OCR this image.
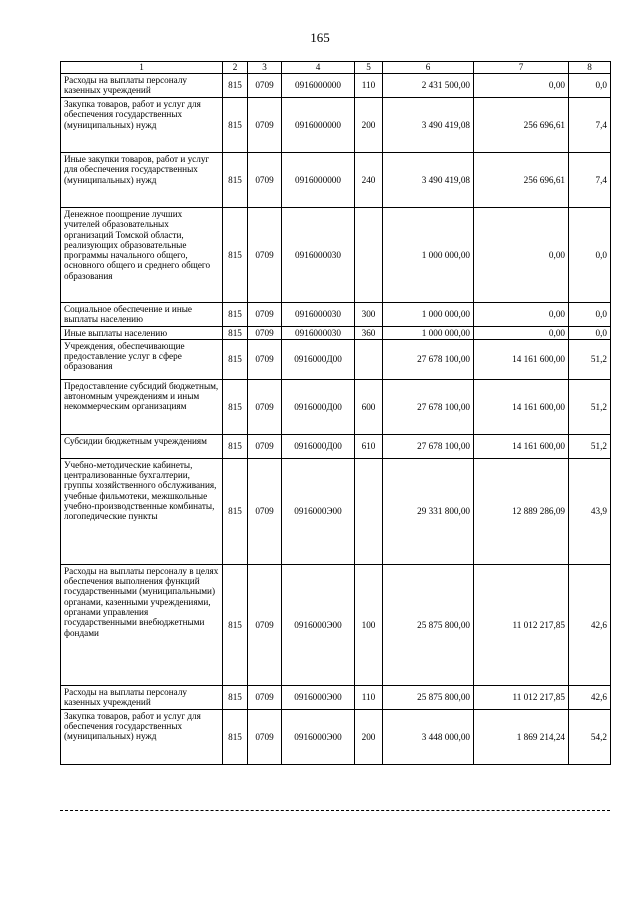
165
1	2	3	4	5	6	7	8
Расходы на выплаты персоналу казенных учреждений	815	0709	0916000000	110	2 431 500,00	0,00	0,0
Закупка товаров, работ и услуг для обеспечения государственных (муниципальных) нужд	815	0709	0916000000	200	3 490 419,08	256 696,61	7,4
Иные закупки товаров, работ и услуг для обеспечения государственных (муниципальных) нужд	815	0709	0916000000	240	3 490 419,08	256 696,61	7,4
Денежное поощрение лучших учителей образовательных организаций Томской области, реализующих образовательные программы начального общего, основного общего и среднего общего образования	815	0709	0916000030		1 000 000,00	0,00	0,0
Социальное обеспечение и иные выплаты населению	815	0709	0916000030	300	1 000 000,00	0,00	0,0
Иные выплаты населению	815	0709	0916000030	360	1 000 000,00	0,00	0,0
Учреждения, обеспечивающие предоставление услуг в сфере образования	815	0709	0916000Д00		27 678 100,00	14 161 600,00	51,2
Предоставление субсидий бюджетным, автономным учреждениям и иным некоммерческим организациям	815	0709	0916000Д00	600	27 678 100,00	14 161 600,00	51,2
Субсидии бюджетным учреждениям	815	0709	0916000Д00	610	27 678 100,00	14 161 600,00	51,2
Учебно-методические кабинеты, централизованные бухгалтерии, группы хозяйственного обслуживания, учебные фильмотеки, межшкольные учебно-производственные комбинаты, логопедические пункты	815	0709	0916000Э00		29 331 800,00	12 889 286,09	43,9
Расходы на выплаты персоналу в целях обеспечения выполнения функций государственными (муниципальными) органами, казенными учреждениями, органами управления государственными внебюджетными фондами	815	0709	0916000Э00	100	25 875 800,00	11 012 217,85	42,6
Расходы на выплаты персоналу казенных учреждений	815	0709	0916000Э00	110	25 875 800,00	11 012 217,85	42,6
Закупка товаров, работ и услуг для обеспечения государственных (муниципальных) нужд	815	0709	0916000Э00	200	3 448 000,00	1 869 214,24	54,2
